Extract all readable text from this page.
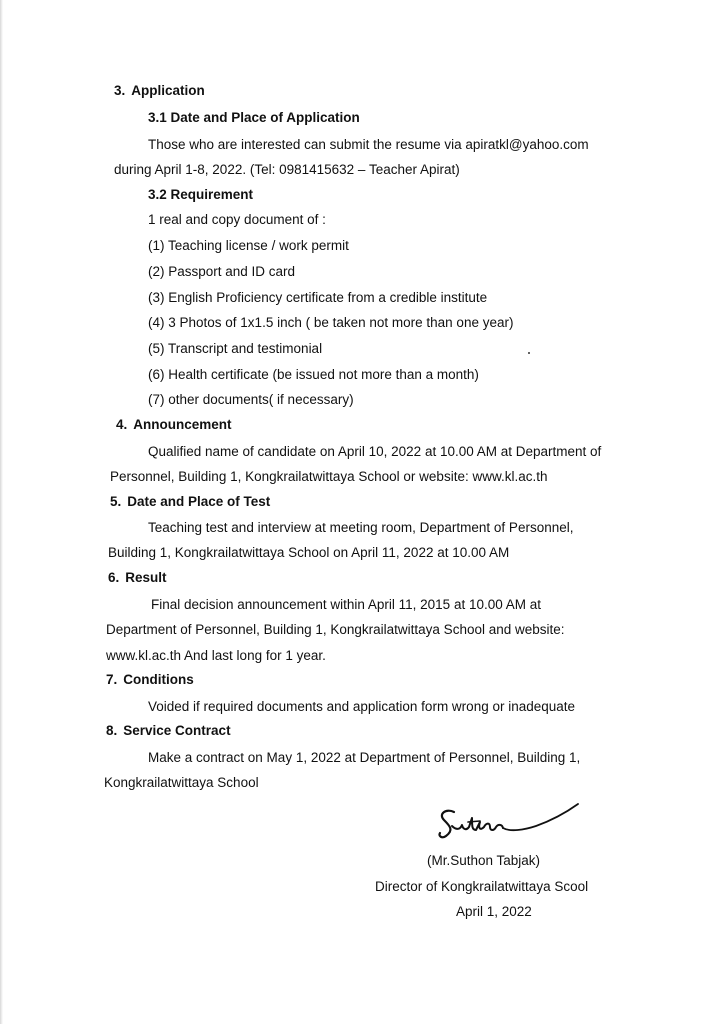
3. Application
3.1 Date and Place of Application
Those who are interested can submit the resume via apiratkl@yahoo.com
during April 1-8, 2022. (Tel: 0981415632 – Teacher Apirat)
3.2 Requirement
1 real and copy document of :
(1) Teaching license / work permit
(2) Passport and ID card
(3) English Proficiency certificate from a credible institute
(4) 3 Photos of 1x1.5 inch ( be taken not more than one year)
(5) Transcript and testimonial
(6) Health certificate (be issued not more than a month)
(7) other documents( if necessary)
4. Announcement
Qualified name of candidate on April 10, 2022 at 10.00 AM at Department of
Personnel, Building 1, Kongkrailatwittaya School or website: www.kl.ac.th
5. Date and Place of Test
Teaching test and interview at meeting room, Department of Personnel,
Building 1, Kongkrailatwittaya School on April 11, 2022 at 10.00 AM
6. Result
Final decision announcement within April 11, 2015 at 10.00 AM at
Department of Personnel, Building 1, Kongkrailatwittaya School and website:
www.kl.ac.th And last long for 1 year.
7. Conditions
Voided if required documents and application form wrong or inadequate
8. Service Contract
Make a contract on May 1, 2022 at Department of Personnel, Building 1,
Kongkrailatwittaya School
(Mr.Suthon Tabjak)
Director of Kongkrailatwittaya Scool
April 1, 2022
